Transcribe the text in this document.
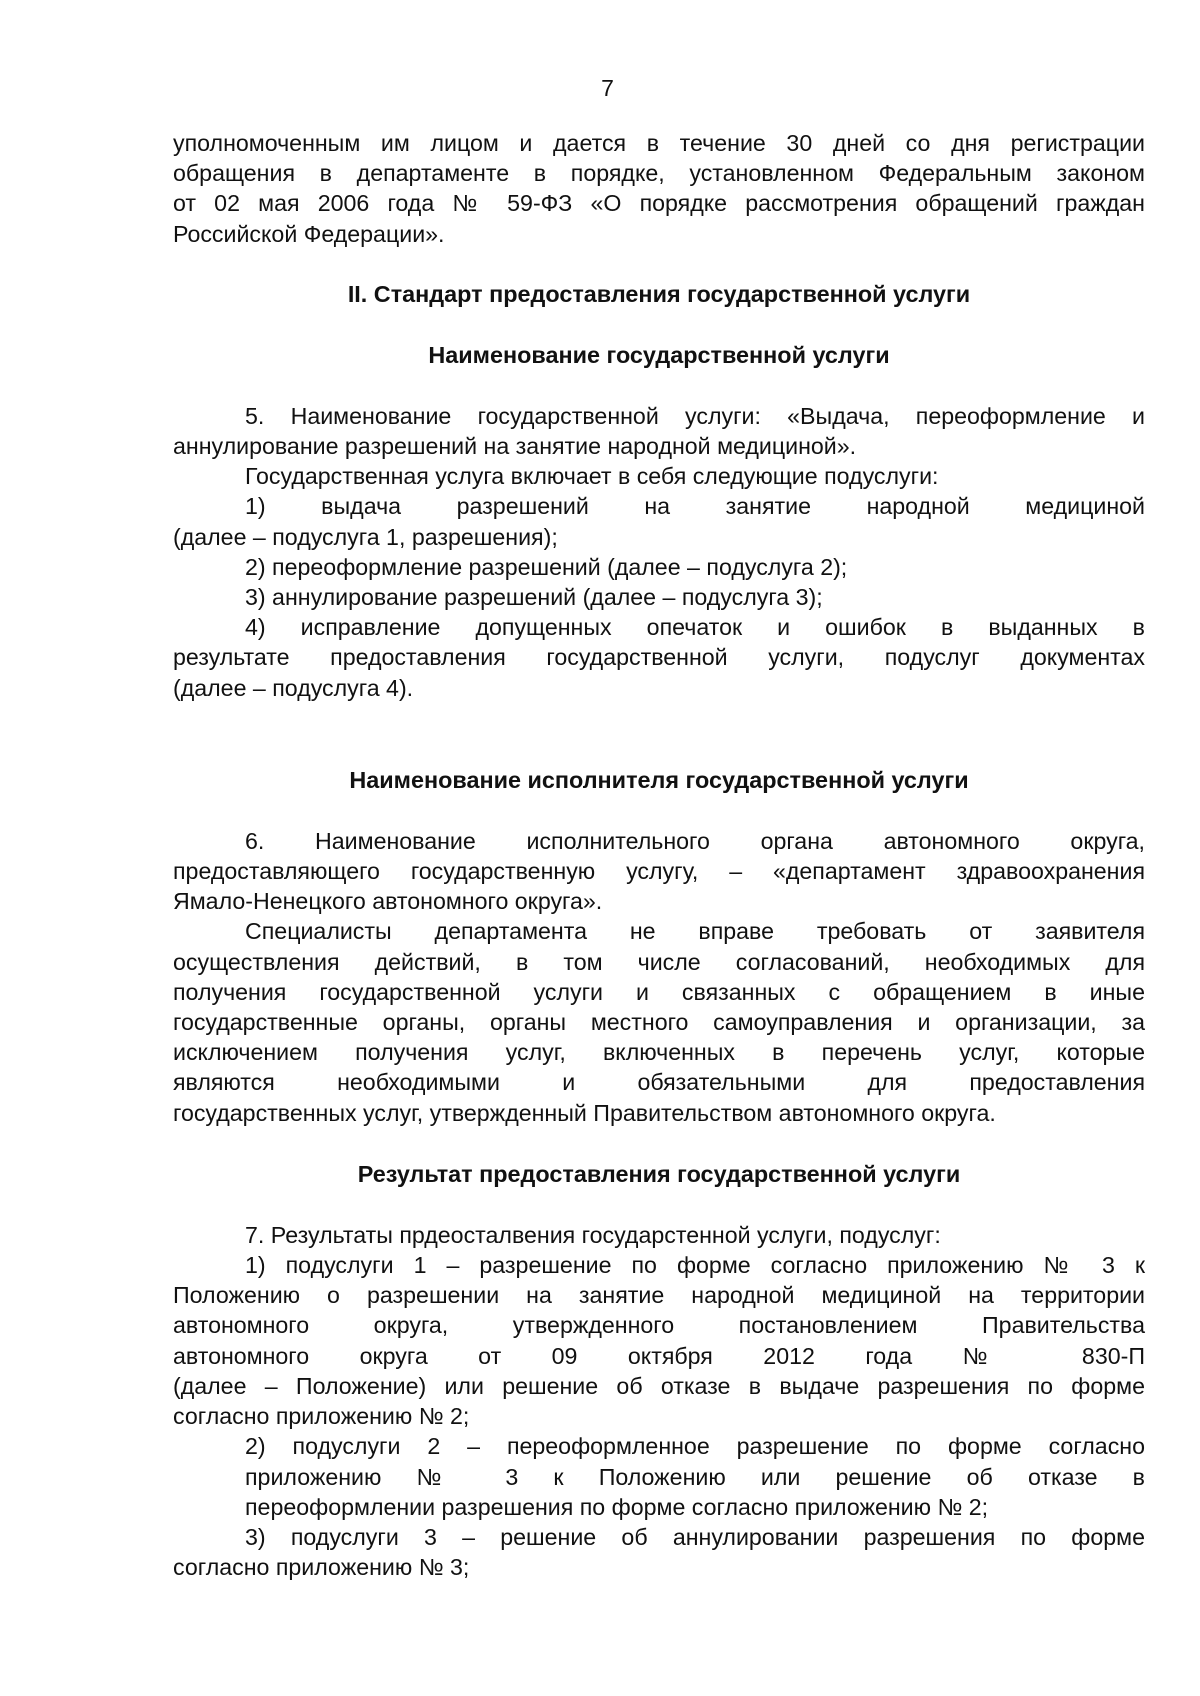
7

уполномоченным им лицом и дается в течение 30 дней со дня регистрации

обращения в департаменте в порядке, установленном Федеральным законом

от 02 мая 2006 года № 59-ФЗ «О порядке рассмотрения обращений граждан

Российской Федерации».

II. Стандарт предоставления государственной услуги

Наименование государственной услуги

5. Наименование государственной услуги: «Выдача, переоформление и

аннулирование разрешений на занятие народной медициной».

Государственная услуга включает в себя следующие подуслуги:

1) выдача разрешений на занятие народной медициной

(далее – подуслуга 1, разрешения);

2) переоформление разрешений (далее – подуслуга 2);

3) аннулирование разрешений (далее – подуслуга 3);

4) исправление допущенных опечаток и ошибок в выданных в

результате предоставления государственной услуги, подуслуг документах

(далее – подуслуга 4).

Наименование исполнителя государственной услуги

6. Наименование исполнительного органа автономного округа,

предоставляющего государственную услугу, – «департамент здравоохранения

Ямало-Ненецкого автономного округа».

Специалисты департамента не вправе требовать от заявителя

осуществления действий, в том числе согласований, необходимых для

получения государственной услуги и связанных с обращением в иные

государственные органы, органы местного самоуправления и организации, за

исключением получения услуг, включенных в перечень услуг, которые

являются необходимыми и обязательными для предоставления

государственных услуг, утвержденный Правительством автономного округа.

Результат предоставления государственной услуги

7. Результаты прдеосталвения государстенной услуги, подуслуг:

1) подуслуги 1 – разрешение по форме согласно приложению № 3 к

Положению о разрешении на занятие народной медициной на территории

автономного округа, утвержденного постановлением Правительства

автономного округа от 09 октября 2012 года № 830-П

(далее – Положение) или решение об отказе в выдаче разрешения по форме

согласно приложению № 2;

2) подуслуги 2 – переоформленное разрешение по форме согласно

приложению № 3 к Положению или решение об отказе в

переоформлении разрешения по форме согласно приложению № 2;

3) подуслуги 3 – решение об аннулировании разрешения по форме

согласно приложению № 3;
